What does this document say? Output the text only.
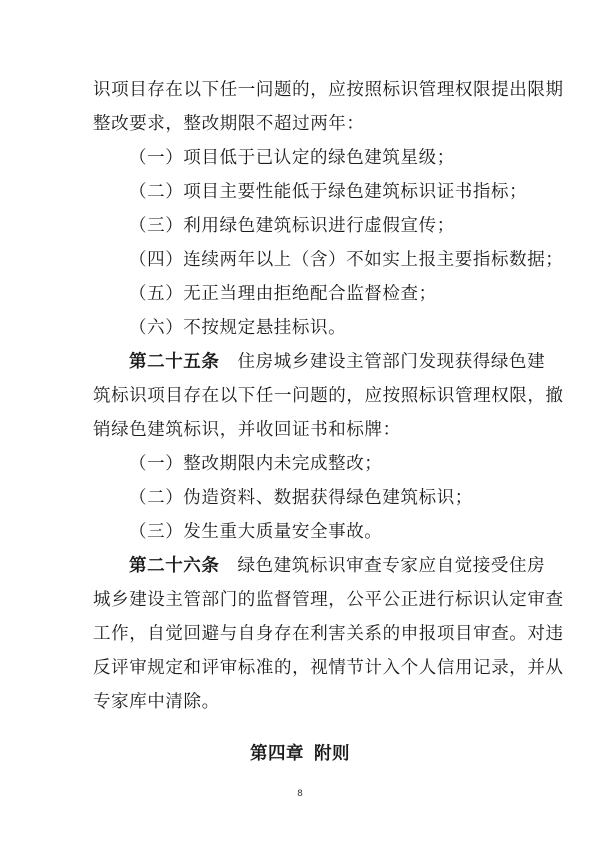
识项目存在以下任一问题的，应按照标识管理权限提出限期
整改要求，整改期限不超过两年：
（一）项目低于已认定的绿色建筑星级；
（二）项目主要性能低于绿色建筑标识证书指标；
（三）利用绿色建筑标识进行虚假宣传；
（四）连续两年以上（含）不如实上报主要指标数据；
（五）无正当理由拒绝配合监督检查；
（六）不按规定悬挂标识。
第二十五条 住房城乡建设主管部门发现获得绿色建
筑标识项目存在以下任一问题的，应按照标识管理权限，撤
销绿色建筑标识，并收回证书和标牌：
（一）整改期限内未完成整改；
（二）伪造资料、数据获得绿色建筑标识；
（三）发生重大质量安全事故。
第二十六条 绿色建筑标识审查专家应自觉接受住房
城乡建设主管部门的监督管理，公平公正进行标识认定审查
工作，自觉回避与自身存在利害关系的申报项目审查。对违
反评审规定和评审标准的，视情节计入个人信用记录，并从
专家库中清除。
第四章 附则
8
